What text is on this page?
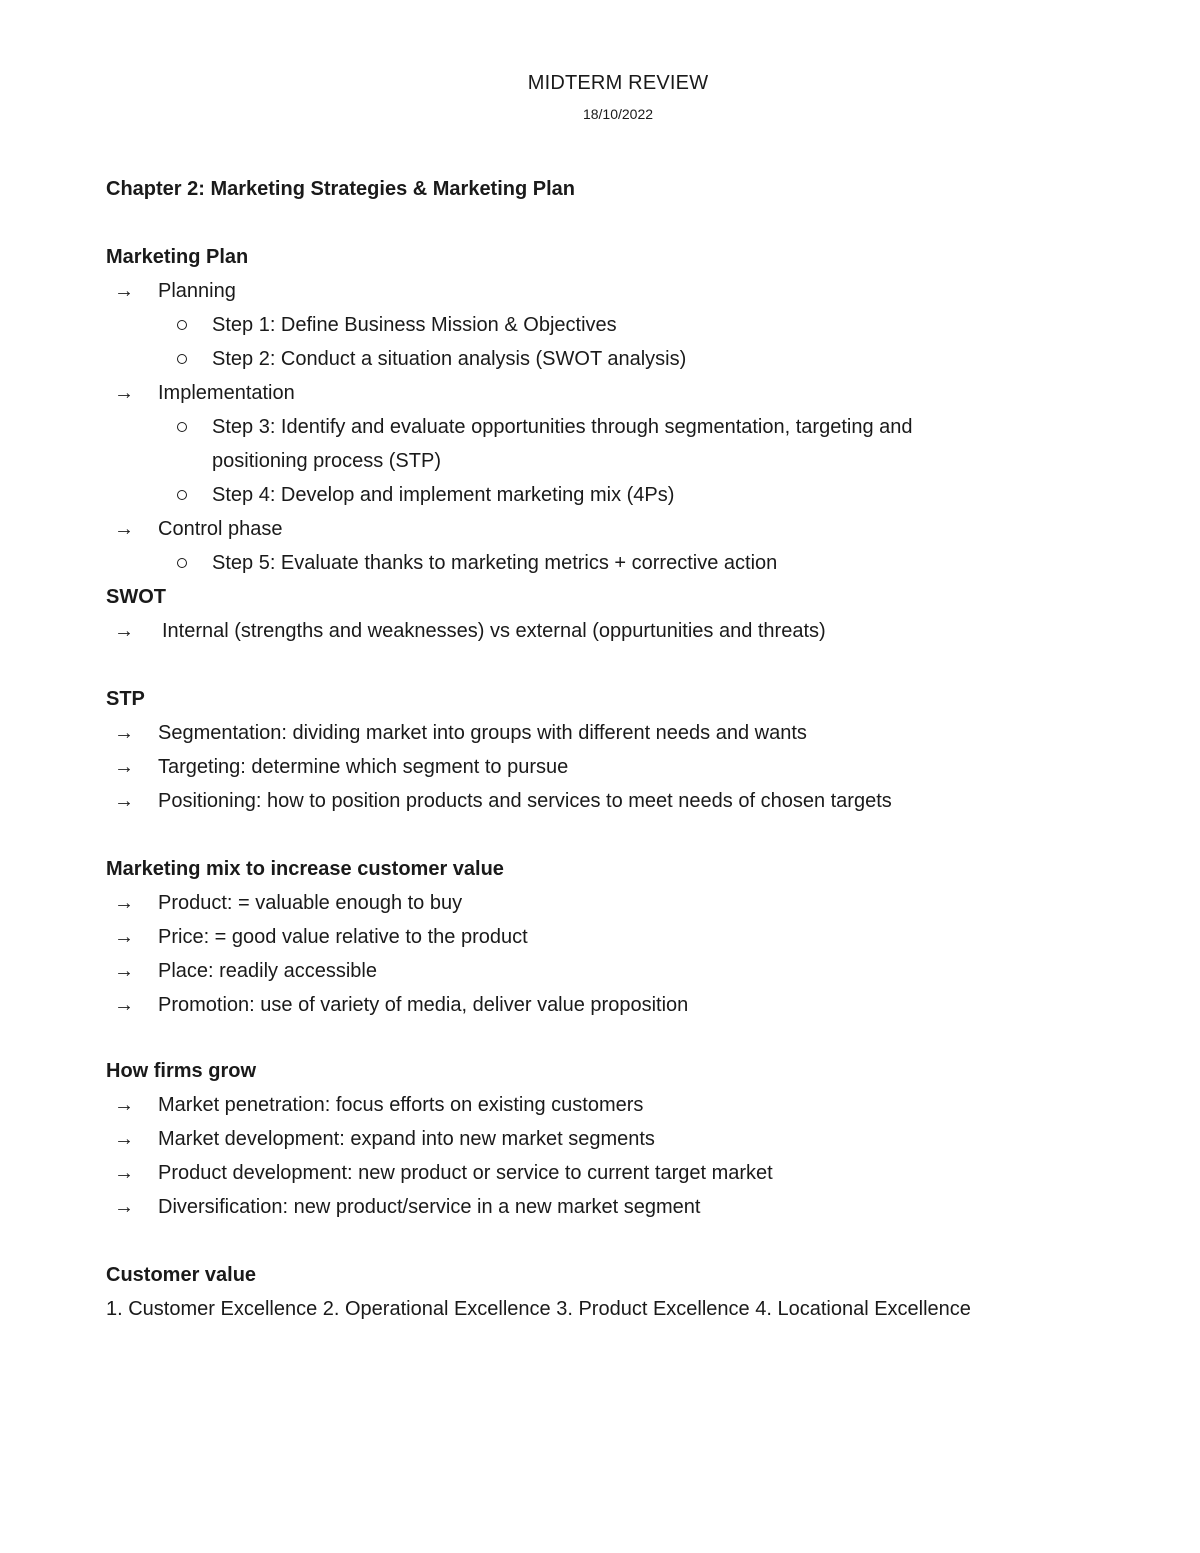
MIDTERM REVIEW
18/10/2022
Chapter 2: Marketing Strategies & Marketing Plan
Marketing Plan
→ Planning
Step 1: Define Business Mission & Objectives
Step 2: Conduct a situation analysis (SWOT analysis)
→ Implementation
Step 3: Identify and evaluate opportunities through segmentation, targeting and
positioning process (STP)
Step 4: Develop and implement marketing mix (4Ps)
→ Control phase
Step 5: Evaluate thanks to marketing metrics + corrective action
SWOT
→ Internal (strengths and weaknesses) vs external (oppurtunities and threats)
STP
→ Segmentation: dividing market into groups with different needs and wants
→ Targeting: determine which segment to pursue
→ Positioning: how to position products and services to meet needs of chosen targets
Marketing mix to increase customer value
→ Product: = valuable enough to buy
→ Price: = good value relative to the product
→ Place: readily accessible
→ Promotion: use of variety of media, deliver value proposition
How firms grow
→ Market penetration: focus efforts on existing customers
→ Market development: expand into new market segments
→ Product development: new product or service to current target market
→ Diversification: new product/service in a new market segment
Customer value
1. Customer Excellence 2. Operational Excellence 3. Product Excellence 4. Locational Excellence
